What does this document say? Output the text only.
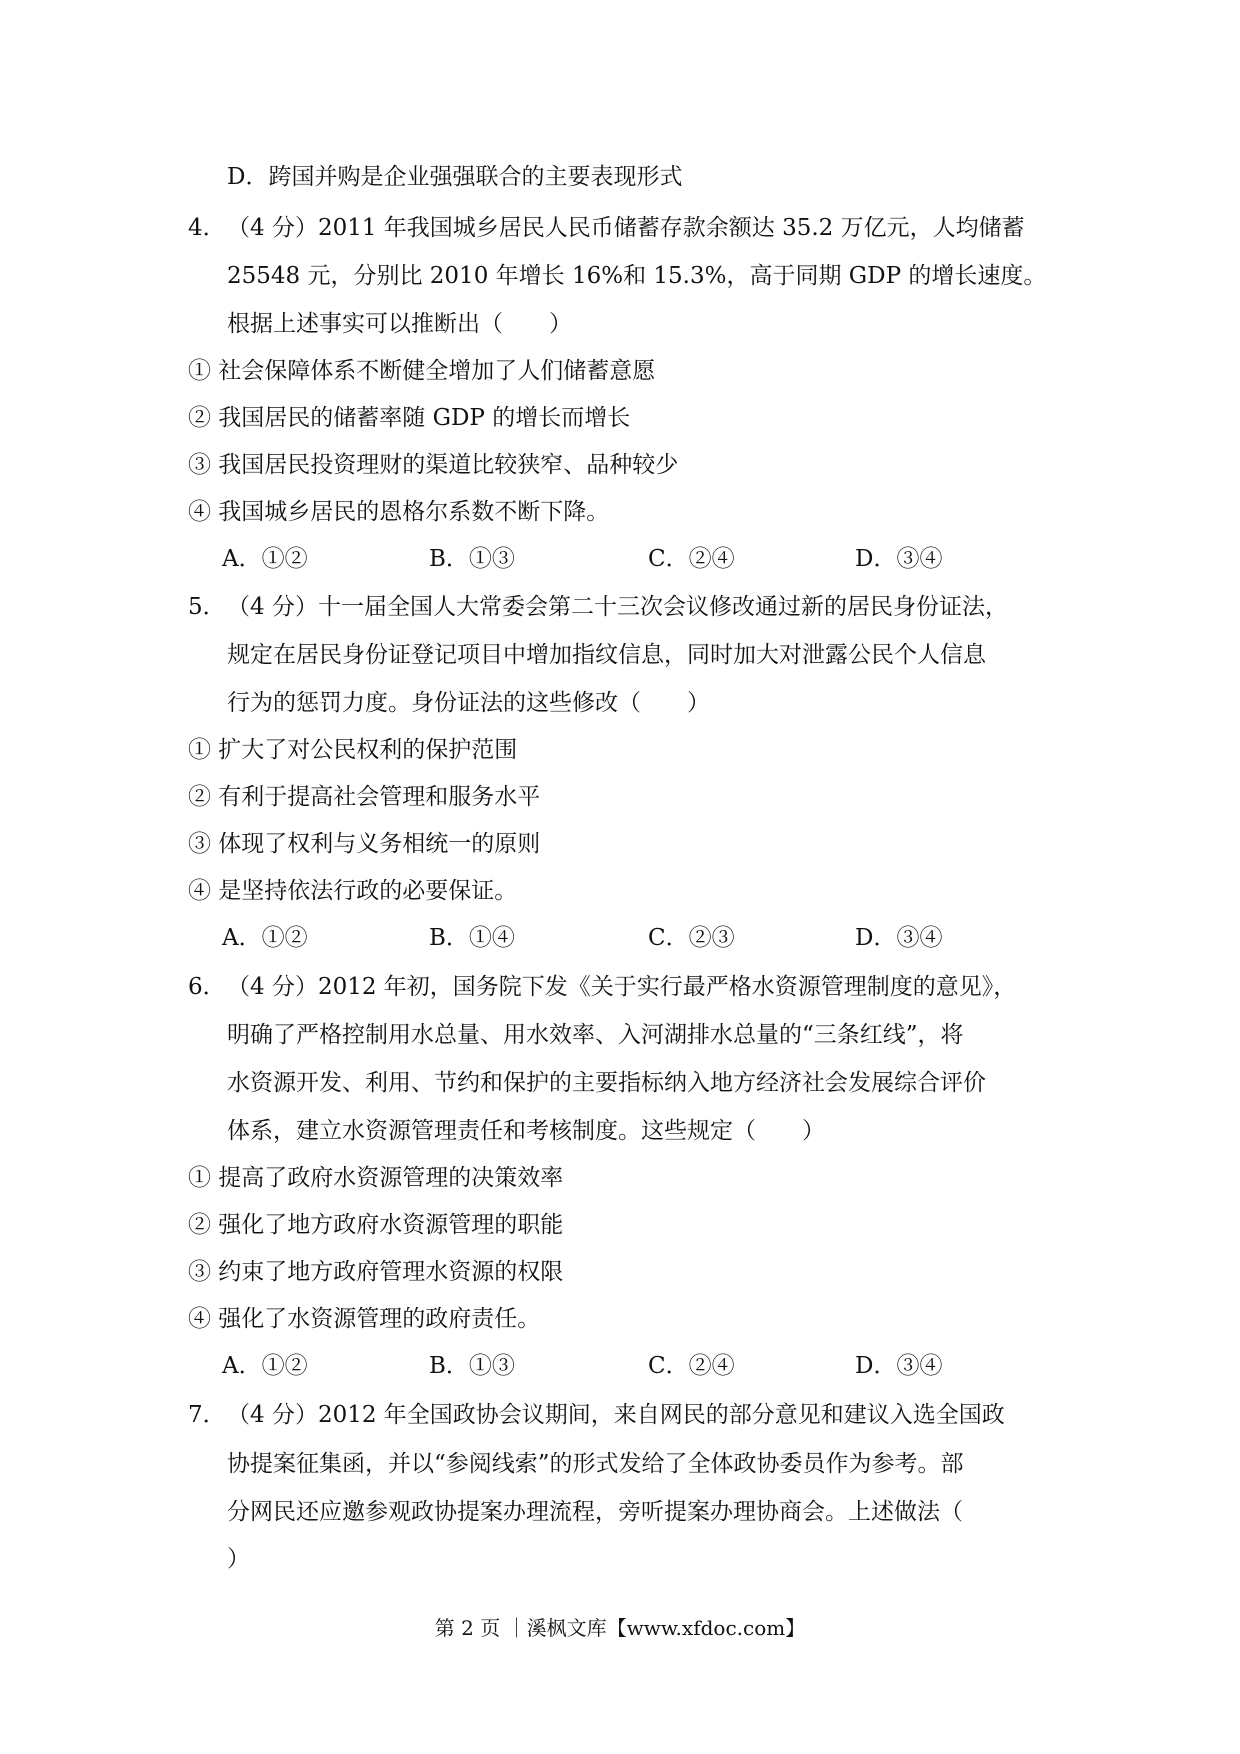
D．跨国并购是企业强强联合的主要表现形式
4． （4 分）2011 年我国城乡居民人民币储蓄存款余额达 35.2 万亿元，人均储蓄
25548 元，分别比 2010 年增长 16%和 15.3%，高于同期 GDP 的增长速度。
根据上述事实可以推断出（　　）
① 社会保障体系不断健全增加了人们储蓄意愿
② 我国居民的储蓄率随 GDP 的增长而增长
③ 我国居民投资理财的渠道比较狭窄、品种较少
④ 我国城乡居民的恩格尔系数不断下降。
A．①②	B．①③	C．②④	D．③④
5． （4 分）十一届全国人大常委会第二十三次会议修改通过新的居民身份证法，
规定在居民身份证登记项目中增加指纹信息，同时加大对泄露公民个人信息
行为的惩罚力度。身份证法的这些修改（　　）
① 扩大了对公民权利的保护范围
② 有利于提高社会管理和服务水平
③ 体现了权利与义务相统一的原则
④ 是坚持依法行政的必要保证。
A．①②	B．①④	C．②③	D．③④
6． （4 分）2012 年初，国务院下发《关于实行最严格水资源管理制度的意见》，
明确了严格控制用水总量、用水效率、入河湖排水总量的“三条红线”，将
水资源开发、利用、节约和保护的主要指标纳入地方经济社会发展综合评价
体系，建立水资源管理责任和考核制度。这些规定（　　）
① 提高了政府水资源管理的决策效率
② 强化了地方政府水资源管理的职能
③ 约束了地方政府管理水资源的权限
④ 强化了水资源管理的政府责任。
A．①②	B．①③	C．②④	D．③④
7． （4 分）2012 年全国政协会议期间，来自网民的部分意见和建议入选全国政
协提案征集函，并以“参阅线索”的形式发给了全体政协委员作为参考。部
分网民还应邀参观政协提案办理流程，旁听提案办理协商会。上述做法（
）
第 2 页 ｜溪枫文库【www.xfdoc.com】
